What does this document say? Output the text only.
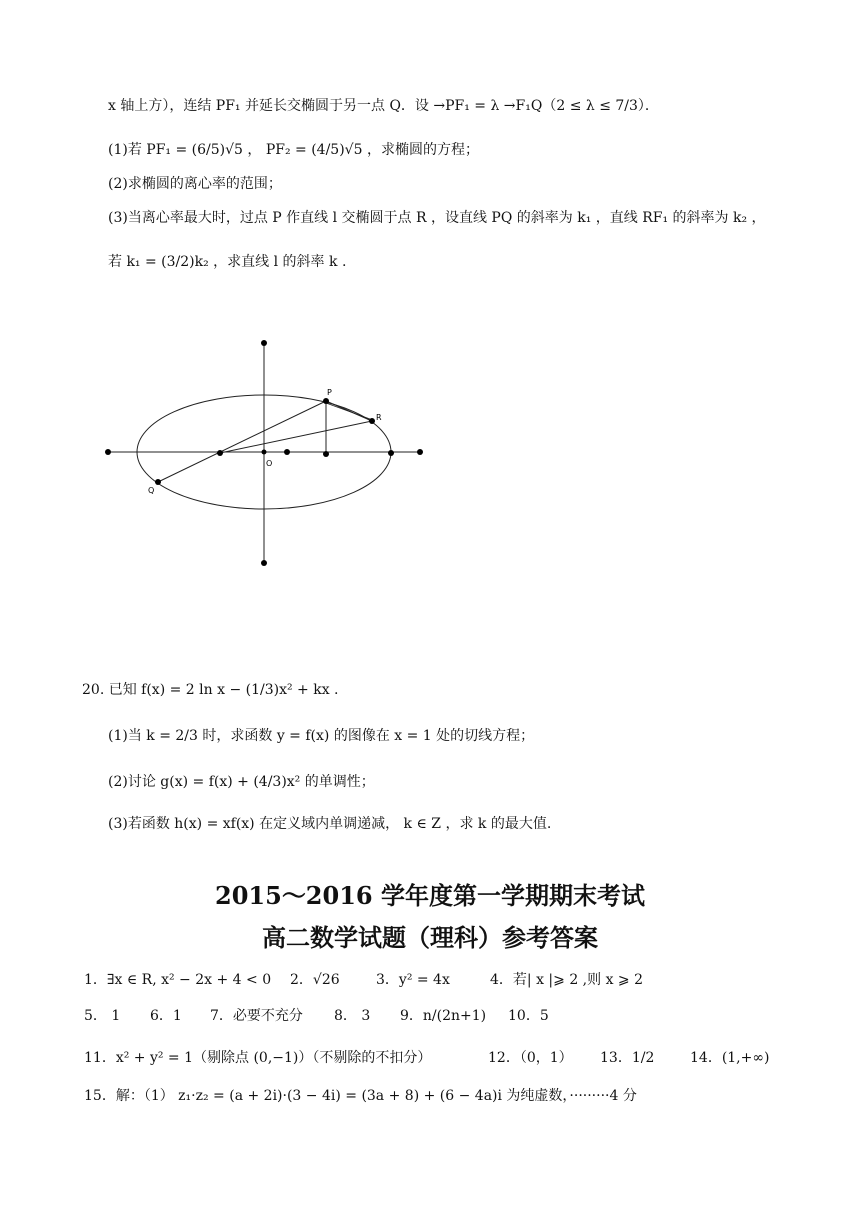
x 轴上方），连结 PF₁ 并延长交椭圆于另一点 Q．设 →PF₁ = λ →F₁Q（2 ≤ λ ≤ 7/3）．
(1)若 PF₁ = (6/5)√5 ， PF₂ = (4/5)√5 ，求椭圆的方程；
(2)求椭圆的离心率的范围；
(3)当离心率最大时，过点 P 作直线 l 交椭圆于点 R ，设直线 PQ 的斜率为 k₁ ，直线 RF₁ 的斜率为 k₂ ，
若 k₁ = (3/2)k₂ ，求直线 l 的斜率 k .
P
R
Q
O
20. 已知 f(x) = 2 ln x − (1/3)x² + kx .
(1)当 k = 2/3 时，求函数 y = f(x) 的图像在 x = 1 处的切线方程；
(2)讨论 g(x) = f(x) + (4/3)x² 的单调性；
(3)若函数 h(x) = xf(x) 在定义域内单调递减， k ∈ Z ，求 k 的最大值.
2015～2016 学年度第一学期期末考试
高二数学试题（理科）参考答案
1．∃x ∈ R, x² − 2x + 4 < 0 2．√26	3．y² = 4x	4．若| x |⩾ 2 ,则 x ⩾ 2
5． 1 6．1 7．必要不充分 8． 3 9．n/(2n+1) 10．5
11．x² + y² = 1（剔除点 (0,−1)）（不剔除的不扣分）	12．（0，1） 13．1/2	14．(1,+∞)
15．解：（1） z₁·z₂ = (a + 2i)·(3 − 4i) = (3a + 8) + (6 − 4a)i 为纯虚数，·········4 分
